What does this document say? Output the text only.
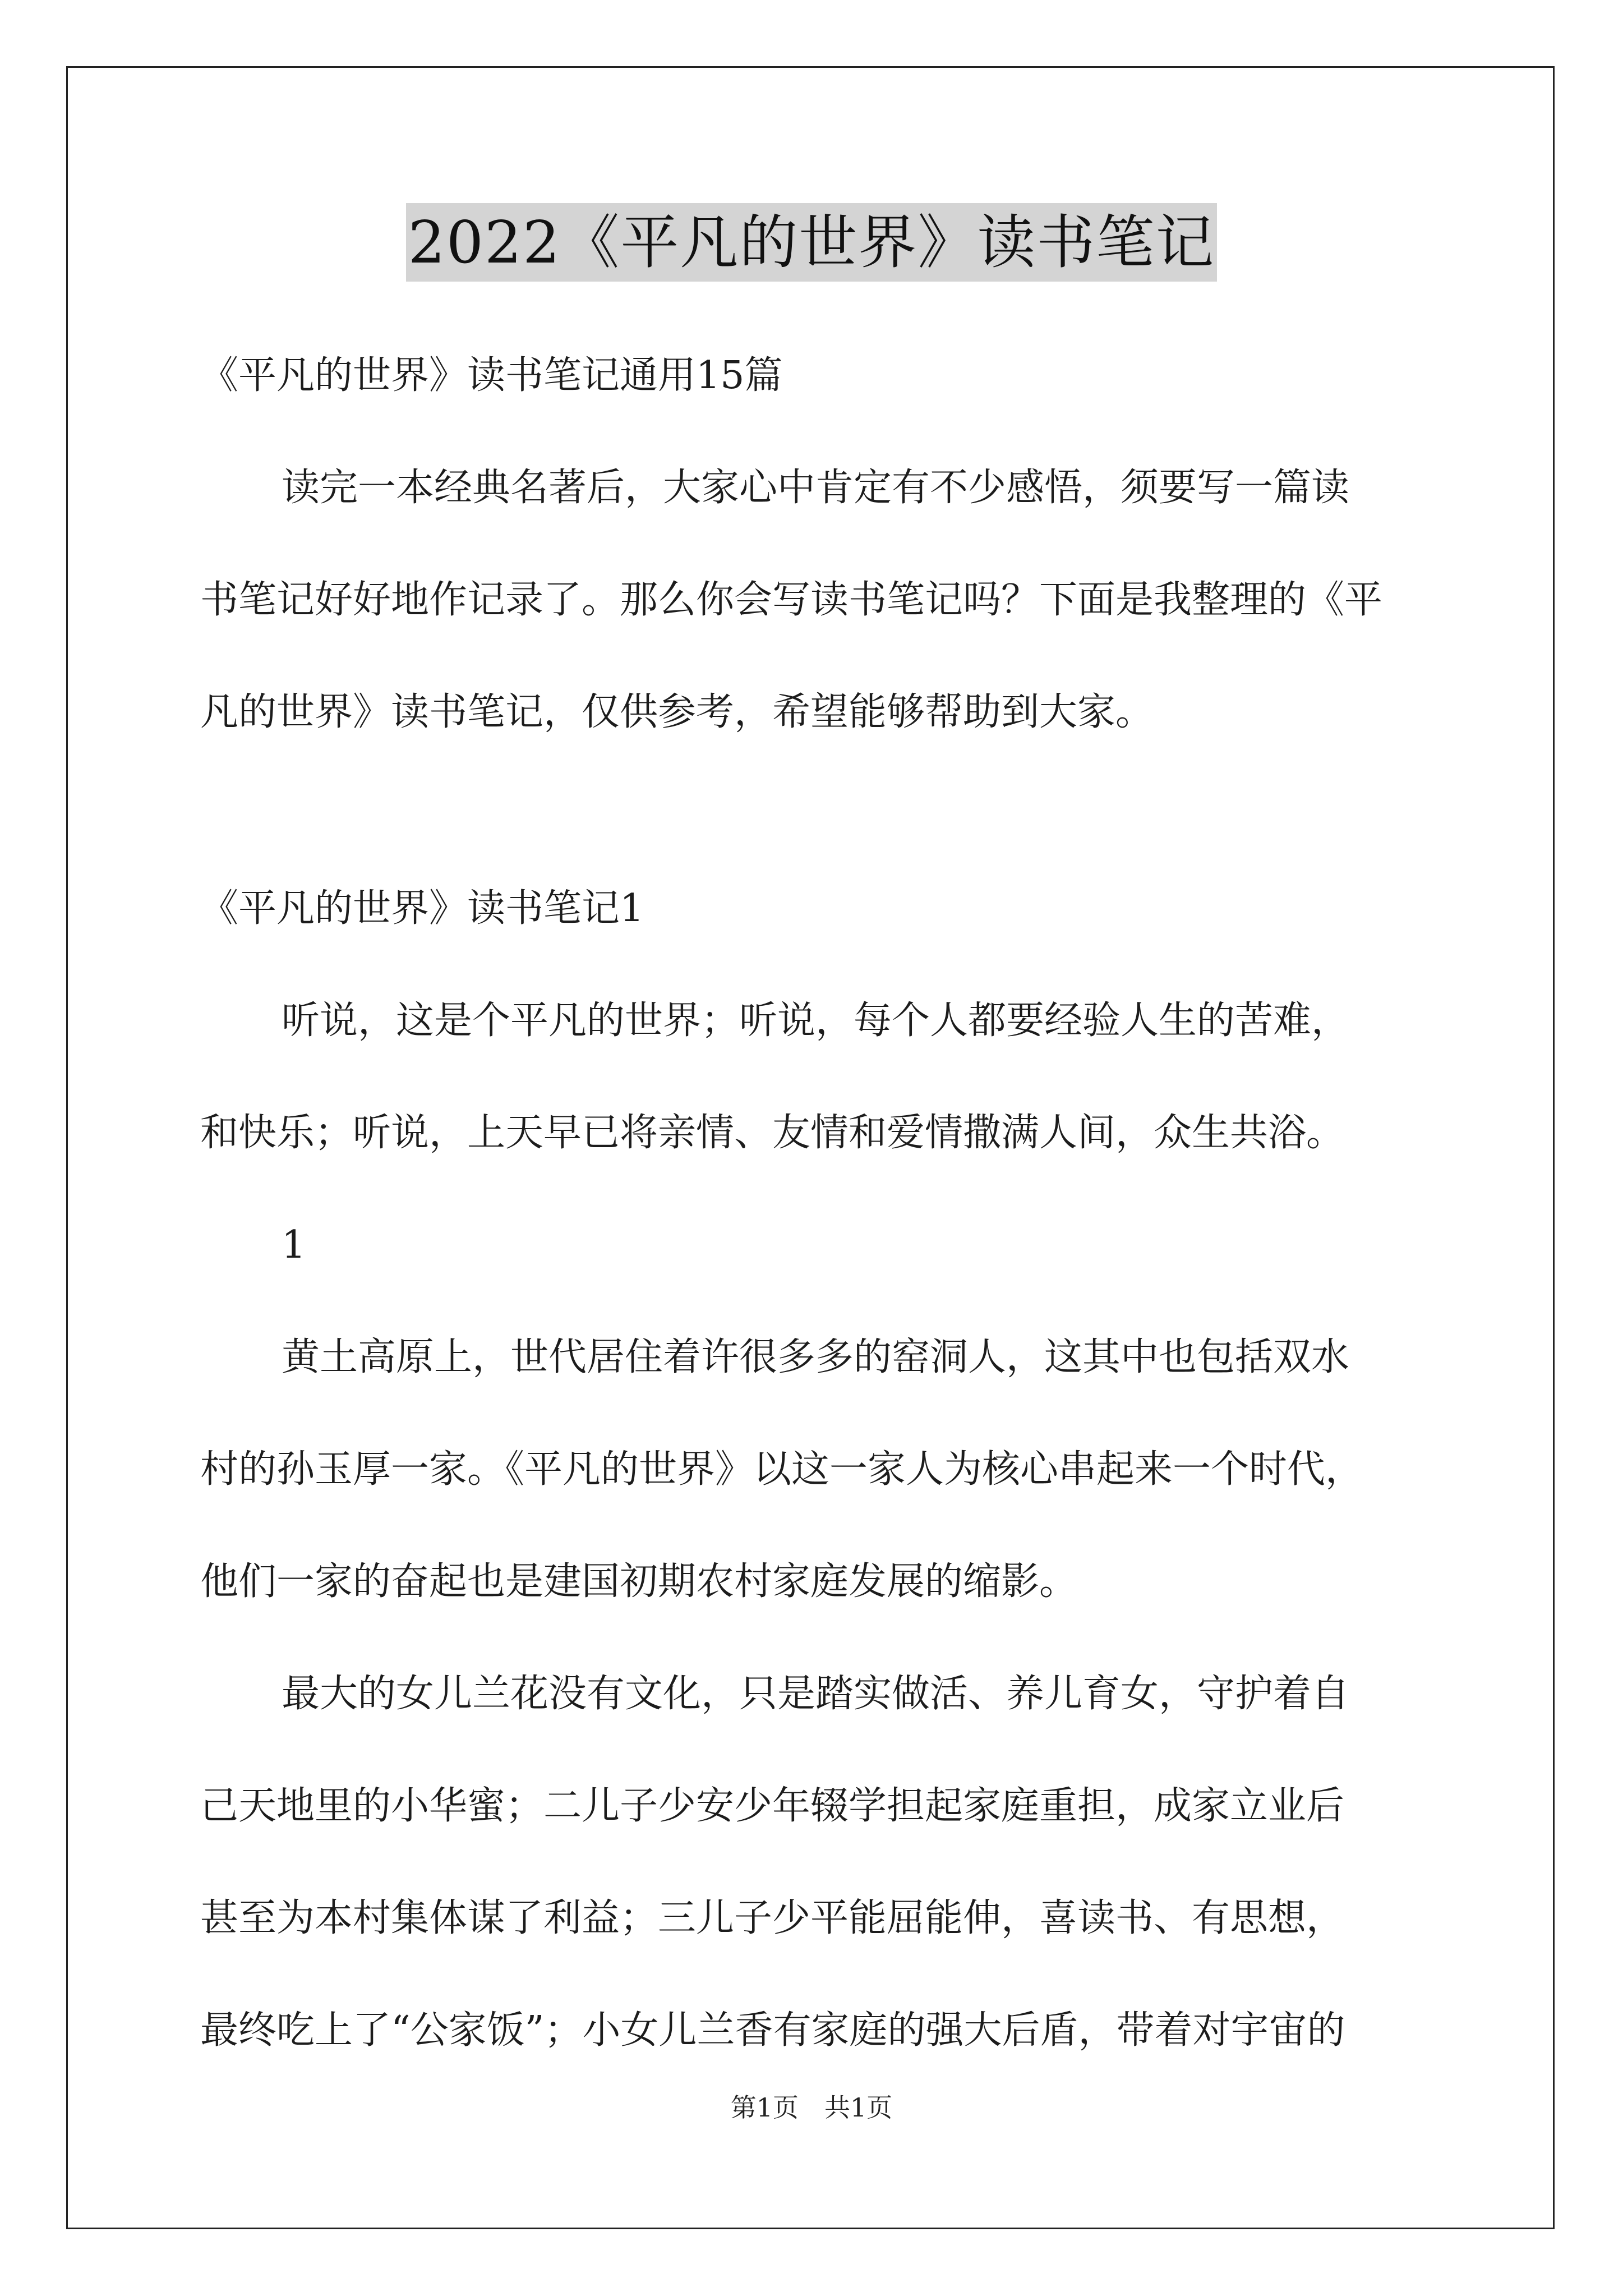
2022《平凡的世界》读书笔记
《平凡的世界》读书笔记通用15篇
读完一本经典名著后，大家心中肯定有不少感悟，须要写一篇读
书笔记好好地作记录了。那么你会写读书笔记吗？下面是我整理的《平
凡的世界》读书笔记，仅供参考，希望能够帮助到大家。
《平凡的世界》读书笔记1
听说，这是个平凡的世界；听说，每个人都要经验人生的苦难，
和快乐；听说，上天早已将亲情、友情和爱情撒满人间，众生共浴。
1
黄土高原上，世代居住着许很多多的窑洞人，这其中也包括双水
村的孙玉厚一家。《平凡的世界》以这一家人为核心串起来一个时代，
他们一家的奋起也是建国初期农村家庭发展的缩影。
最大的女儿兰花没有文化，只是踏实做活、养儿育女，守护着自
己天地里的小华蜜；二儿子少安少年辍学担起家庭重担，成家立业后
甚至为本村集体谋了利益；三儿子少平能屈能伸，喜读书、有思想，
最终吃上了“公家饭”；小女儿兰香有家庭的强大后盾，带着对宇宙的
第1页　共1页
